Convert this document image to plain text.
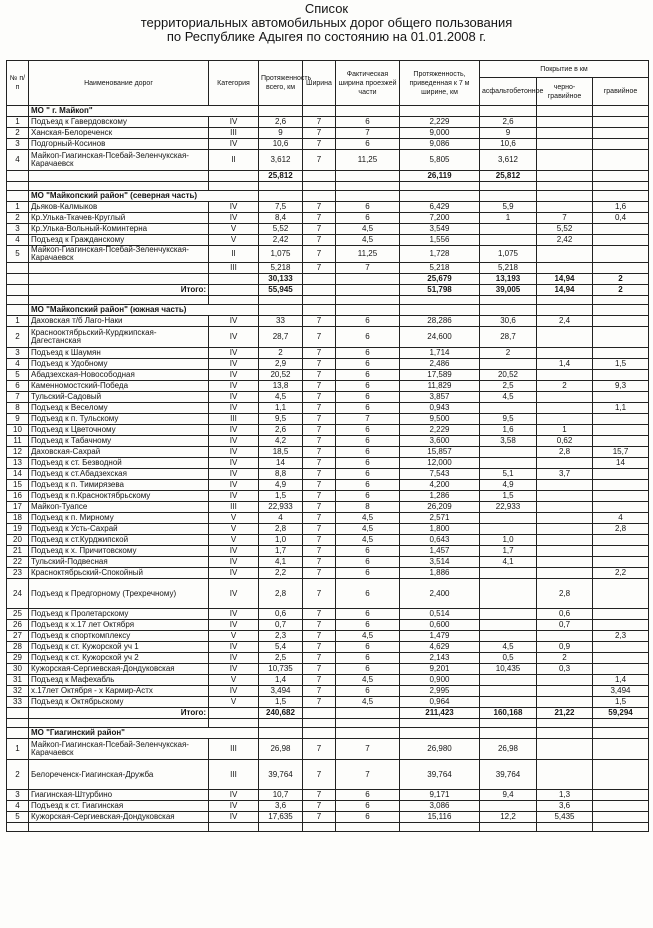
Список
территориальных автомобильных дорог общего пользования
по Республике Адыгея по состоянию на 01.01.2008 г.
№ п/п	Наименование дорог	Категория	Протяженность всего, км	Ширина	Фактическая ширина проезжей части	Протяженность, приведенная к 7 м ширине, км	Покрытие в км		
							асфальтобетонное	черно-гравийное	гравийное
	МО " г. Майкоп"								
1	Подъезд к Гавердовскому	IV	2,6	7	6	2,229	2,6		
2	Ханская-Белореченск	III	9	7	7	9,000	9		
3	Подгорный-Косинов	IV	10,6	7	6	9,086	10,6		
4	Майкоп-Гиагинская-Псебай-Зеленчукская-Карачаевск	II	3,612	7	11,25	5,805	3,612		
			25,812			26,119	25,812		

	МО "Майкопский район" (северная часть)								
1	Дьяков-Калмыков	IV	7,5	7	6	6,429	5,9		1,6
2	Кр.Улька-Ткачев-Круглый	IV	8,4	7	6	7,200	1	7	0,4
3	Кр.Улька-Вольный-Коминтерна	V	5,52	7	4,5	3,549		5,52	
4	Подъезд к Гражданскому	V	2,42	7	4,5	1,556		2,42	
5	Майкоп-Гиагинская-Псебай-Зеленчукская-Карачаевск	II	1,075	7	11,25	1,728	1,075		
		III	5,218	7	7	5,218	5,218		
			30,133			25,679	13,193	14,94	2
	Итого:		55,945			51,798	39,005	14,94	2

	МО "Майкопский район" (южная часть)								
1	Даховская т/б Лаго-Наки	IV	33	7	6	28,286	30,6	2,4	
2	Краснооктябрьский-Курджипская-Дагестанская	IV	28,7	7	6	24,600	28,7		
3	Подъезд к Шаумян	IV	2	7	6	1,714	2		
4	Подъезд к Удобному	IV	2,9	7	6	2,486		1,4	1,5
5	Абадзехская-Новосободная	IV	20,52	7	6	17,589	20,52		
6	Каменномостский-Победа	IV	13,8	7	6	11,829	2,5	2	9,3
7	Тульский-Садовый	IV	4,5	7	6	3,857	4,5		
8	Подъезд к Веселому	IV	1,1	7	6	0,943			1,1
9	Подъезд к п. Тульскому	III	9,5	7	7	9,500	9,5		
10	Подъезд к Цветочному	IV	2,6	7	6	2,229	1,6	1	
11	Подъезд к Табачному	IV	4,2	7	6	3,600	3,58	0,62	
12	Даховская-Сахрай	IV	18,5	7	6	15,857		2,8	15,7
13	Подъезд к ст. Безводной	IV	14	7	6	12,000			14
14	Подъезд к ст.Абадзехская	IV	8,8	7	6	7,543	5,1	3,7	
15	Подъезд к п. Тимирязева	IV	4,9	7	6	4,200	4,9		
16	Подъезд к п.Красноктябрьскому	IV	1,5	7	6	1,286	1,5		
17	Майкоп-Туапсе	III	22,933	7	8	26,209	22,933		
18	Подъезд к п. Мирному	V	4	7	4,5	2,571			4
19	Подъезд к Усть-Сахрай	V	2,8	7	4,5	1,800			2,8
20	Подъезд к ст.Курджипской	V	1,0	7	4,5	0,643	1,0		
21	Подъезд к х. Причитовскому	IV	1,7	7	6	1,457	1,7		
22	Тульский-Подвесная	IV	4,1	7	6	3,514	4,1		
23	Красноктябрьский-Спокойный	IV	2,2	7	6	1,886			2,2
24	Подъезд к Предгорному (Трехречному)	IV	2,8	7	6	2,400		2,8	
25	Подъезд к Пролетарскому	IV	0,6	7	6	0,514		0,6	
26	Подъезд к х.17 лет Октября	IV	0,7	7	6	0,600		0,7	
27	Подъезд к спорткомплексу	V	2,3	7	4,5	1,479			2,3
28	Подъезд к ст. Кужорской уч 1	IV	5,4	7	6	4,629	4,5	0,9	
29	Подъезд к ст. Кужорской уч 2	IV	2,5	7	6	2,143	0,5	2	
30	Кужорская-Сергиевская-Дондуковская	IV	10,735	7	6	9,201	10,435	0,3	
31	Подъезд к Мафехабль	V	1,4	7	4,5	0,900			1,4
32	х.17лет Октября - х Кармир-Астх	IV	3,494	7	6	2,995			3,494
33	Подъезд к Октябрьскому	V	1,5	7	4,5	0,964			1,5
	Итого:		240,682			211,423	160,168	21,22	59,294

	МО "Гиагинский район"								
1	Майкоп-Гиагинская-Псебай-Зеленчукская-Карачаевск	III	26,98	7	7	26,980	26,98		
2	Белореченск-Гиагинская-Дружба	III	39,764	7	7	39,764	39,764		
3	Гиагинская-Штурбино	IV	10,7	7	6	9,171	9,4	1,3	
4	Подъезд к ст. Гиагинская	IV	3,6	7	6	3,086		3,6	
5	Кужорская-Сергиевская-Дондуковская	IV	17,635	7	6	15,116	12,2	5,435	
